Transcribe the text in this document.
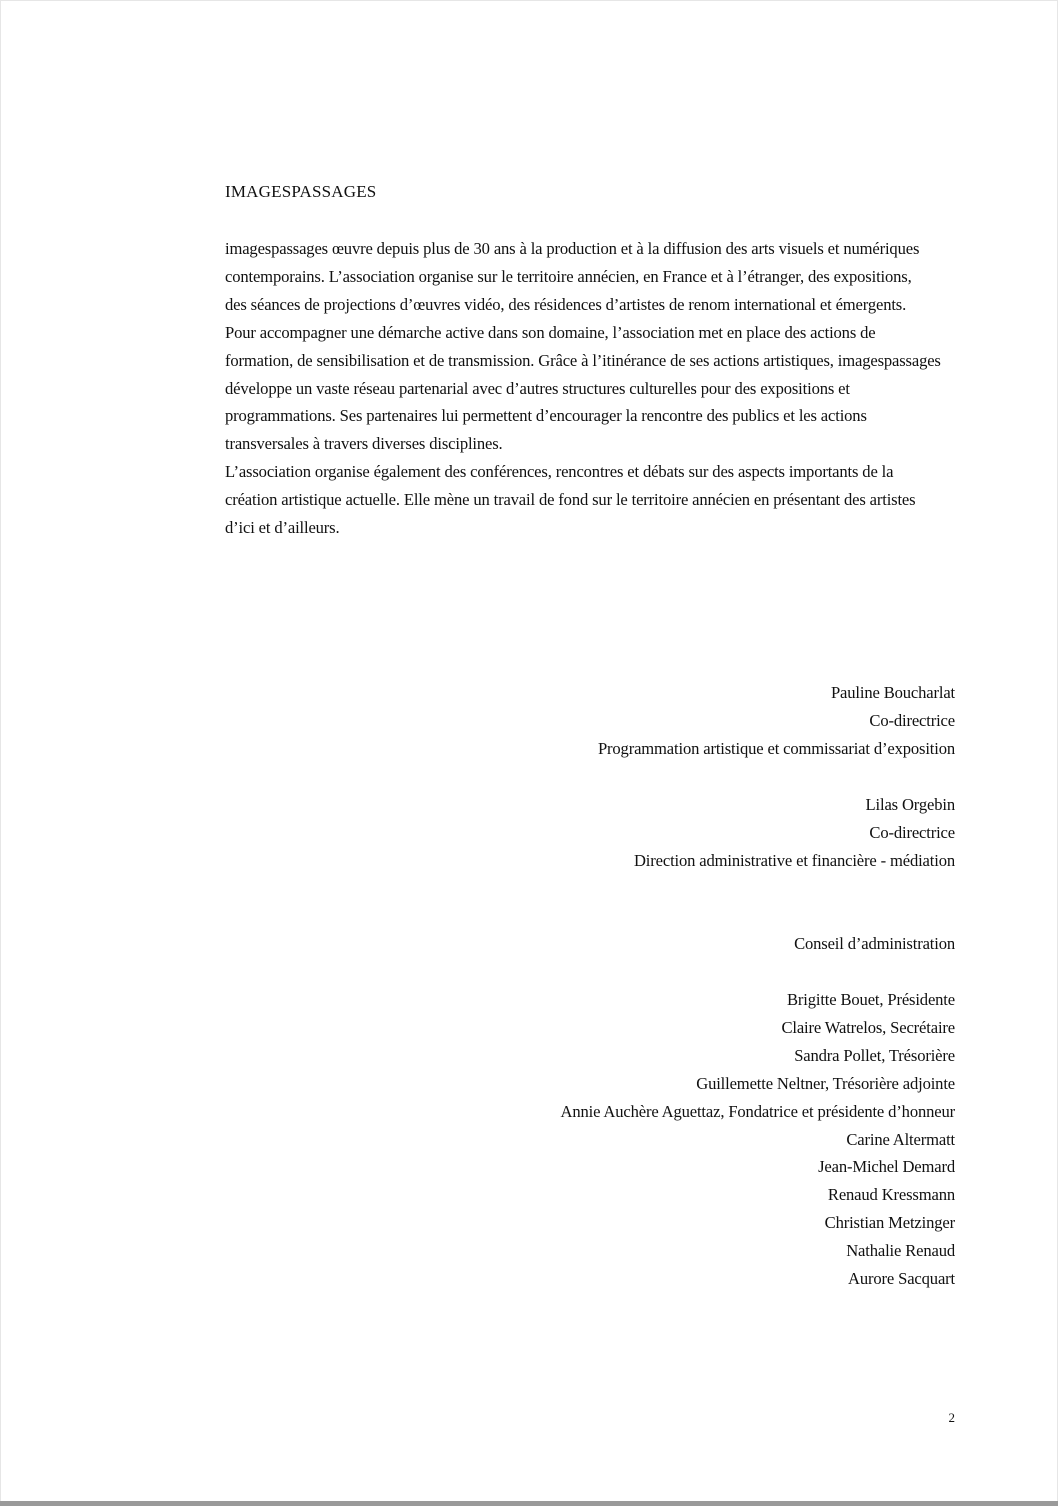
IMAGESPASSAGES

imagespassages œuvre depuis plus de 30 ans à la production et à la diffusion des arts visuels et numériques

contemporains. L’association organise sur le territoire annécien, en France et à l’étranger, des expositions,

des séances de projections d’œuvres vidéo, des résidences d’artistes de renom international et émergents.

Pour accompagner une démarche active dans son domaine, l’association met en place des actions de

formation, de sensibilisation et de transmission. Grâce à l’itinérance de ses actions artistiques, imagespassages

développe un vaste réseau partenarial avec d’autres structures culturelles pour des expositions et

programmations. Ses partenaires lui permettent d’encourager la rencontre des publics et les actions

transversales à travers diverses disciplines.

L’association organise également des conférences, rencontres et débats sur des aspects importants de la

création artistique actuelle. Elle mène un travail de fond sur le territoire annécien en présentant des artistes

d’ici et d’ailleurs.

Pauline Boucharlat
Co-directrice
Programmation artistique et commissariat d’exposition
Lilas Orgebin
Co-directrice
Direction administrative et financière - médiation
Conseil d’administration
Brigitte Bouet, Présidente
Claire Watrelos, Secrétaire
Sandra Pollet, Trésorière
Guillemette Neltner, Trésorière adjointe
Annie Auchère Aguettaz, Fondatrice et présidente d’honneur
Carine Altermatt
Jean-Michel Demard
Renaud Kressmann
Christian Metzinger
Nathalie Renaud
Aurore Sacquart
2
